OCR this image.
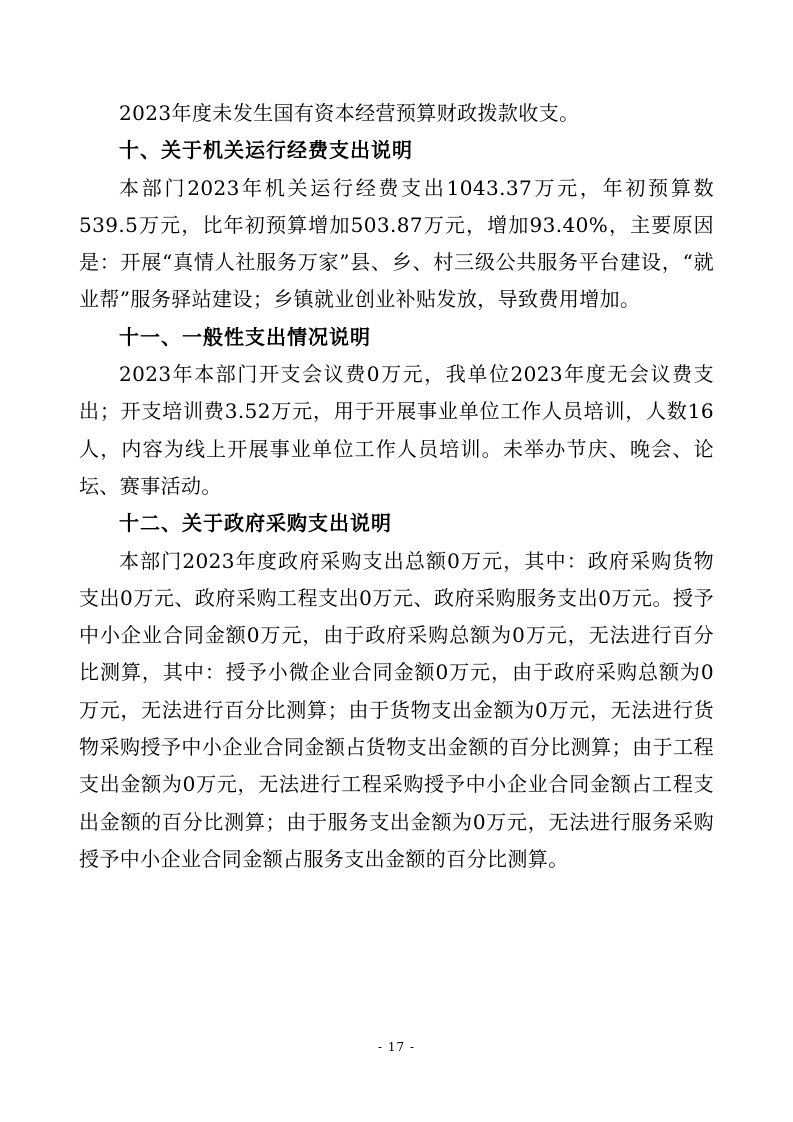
2023年度未发生国有资本经营预算财政拨款收支。

十、关于机关运行经费支出说明

本部门2023年机关运行经费支出1043.37万元，年初预算数539.5万元，比年初预算增加503.87万元，增加93.40%，主要原因是：开展“真情人社服务万家”县、乡、村三级公共服务平台建设，“就业帮”服务驿站建设；乡镇就业创业补贴发放，导致费用增加。

十一、一般性支出情况说明

2023年本部门开支会议费0万元，我单位2023年度无会议费支出；开支培训费3.52万元，用于开展事业单位工作人员培训，人数16人，内容为线上开展事业单位工作人员培训。未举办节庆、晚会、论坛、赛事活动。

十二、关于政府采购支出说明

本部门2023年度政府采购支出总额0万元，其中：政府采购货物支出0万元、政府采购工程支出0万元、政府采购服务支出0万元。授予中小企业合同金额0万元，由于政府采购总额为0万元，无法进行百分比测算，其中：授予小微企业合同金额0万元，由于政府采购总额为0万元，无法进行百分比测算；由于货物支出金额为0万元，无法进行货物采购授予中小企业合同金额占货物支出金额的百分比测算；由于工程支出金额为0万元，无法进行工程采购授予中小企业合同金额占工程支出金额的百分比测算；由于服务支出金额为0万元，无法进行服务采购授予中小企业合同金额占服务支出金额的百分比测算。

- 17 -
